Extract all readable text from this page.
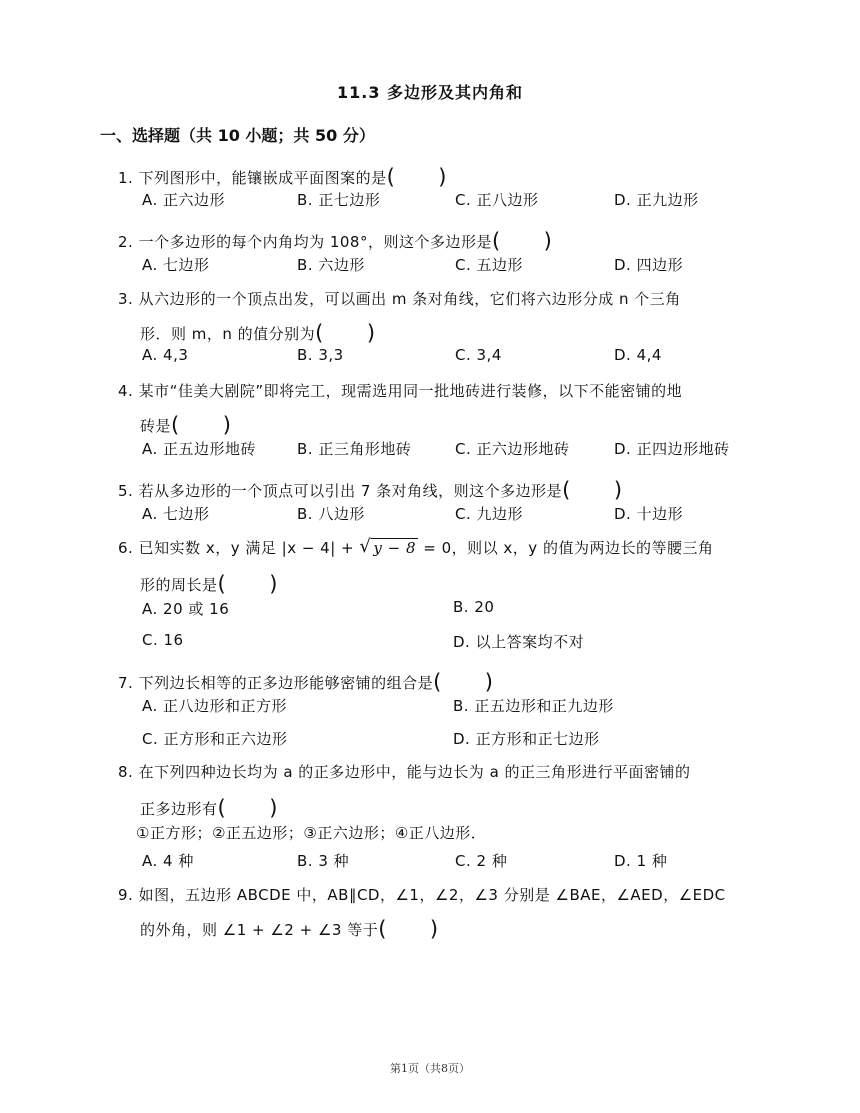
11.3 多边形及其内角和
一、选择题（共 10 小题；共 50 分）
1. 下列图形中，能镶嵌成平面图案的是(　　)
A. 正六边形	B. 正七边形	C. 正八边形	D. 正九边形
2. 一个多边形的每个内角均为 108°，则这个多边形是(　　)
A. 七边形	B. 六边形	C. 五边形	D. 四边形
3. 从六边形的一个顶点出发，可以画出 m 条对角线，它们将六边形分成 n 个三角
形．则 m，n 的值分别为(　　)
A. 4,3	B. 3,3	C. 3,4	D. 4,4
4. 某市“佳美大剧院”即将完工，现需选用同一批地砖进行装修，以下不能密铺的地
砖是(　　)
A. 正五边形地砖	B. 正三角形地砖	C. 正六边形地砖	D. 正四边形地砖
5. 若从多边形的一个顶点可以引出 7 条对角线，则这个多边形是(　　)
A. 七边形	B. 八边形	C. 九边形	D. 十边形
6. 已知实数 x，y 满足 |x − 4| + √ y − 8 = 0，则以 x，y 的值为两边长的等腰三角
形的周长是(　　)
A. 20 或 16	B. 20
C. 16	D. 以上答案均不对
7. 下列边长相等的正多边形能够密铺的组合是(　　)
A. 正八边形和正方形	B. 正五边形和正九边形
C. 正方形和正六边形	D. 正方形和正七边形
8. 在下列四种边长均为 a 的正多边形中，能与边长为 a 的正三角形进行平面密铺的
正多边形有(　　)
①正方形；②正五边形；③正六边形；④正八边形．
A. 4 种	B. 3 种	C. 2 种	D. 1 种
9. 如图，五边形 ABCDE 中，AB∥CD，∠1，∠2，∠3 分别是 ∠BAE，∠AED，∠EDC
的外角，则 ∠1 + ∠2 + ∠3 等于(　　)
第1页（共8页）
